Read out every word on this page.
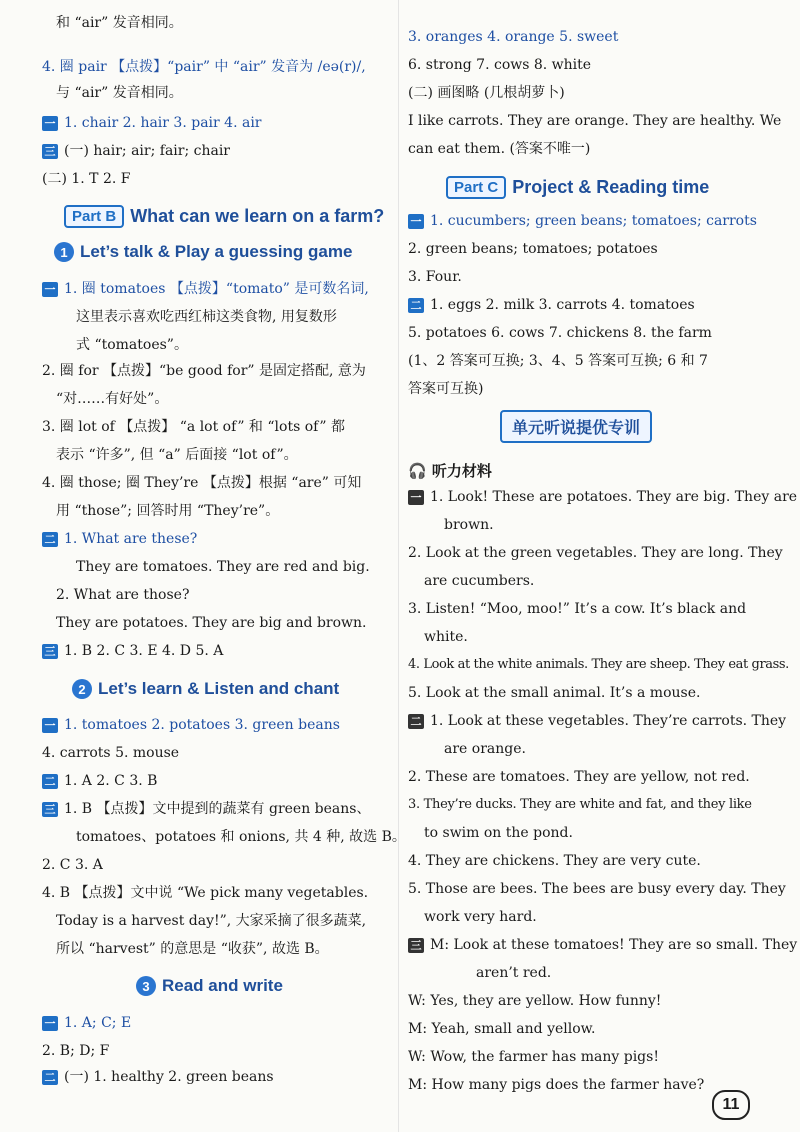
和 “air” 发音相同。
4. 圈 pair 【点拨】“pair” 中 “air” 发音为 /eə(r)/,
与 “air” 发音相同。
一 1. chair 2. hair 3. pair 4. air
三 (一) hair; air; fair; chair
(二) 1. T 2. F
Part B What can we learn on a farm?
1 Let’s talk & Play a guessing game
一 1. 圈 tomatoes 【点拨】“tomato” 是可数名词,
这里表示喜欢吃西红柿这类食物, 用复数形
式 “tomatoes”。
2. 圈 for 【点拨】“be good for” 是固定搭配, 意为
“对……有好处”。
3. 圈 lot of 【点拨】 “a lot of” 和 “lots of” 都
表示 “许多”, 但 “a” 后面接 “lot of”。
4. 圈 those; 圈 They’re 【点拨】根据 “are” 可知
用 “those”; 回答时用 “They’re”。
二 1. What are these?
They are tomatoes. They are red and big.
2. What are those?
They are potatoes. They are big and brown.
三 1. B 2. C 3. E 4. D 5. A
2 Let’s learn & Listen and chant
一 1. tomatoes 2. potatoes 3. green beans
4. carrots 5. mouse
二 1. A 2. C 3. B
三 1. B 【点拨】文中提到的蔬菜有 green beans、
tomatoes、potatoes 和 onions, 共 4 种, 故选 B。
2. C 3. A
4. B 【点拨】文中说 “We pick many vegetables.
Today is a harvest day!”, 大家采摘了很多蔬菜,
所以 “harvest” 的意思是 “收获”, 故选 B。
3 Read and write
一 1. A; C; E
2. B; D; F
二 (一) 1. healthy 2. green beans
3. oranges 4. orange 5. sweet
6. strong 7. cows 8. white
(二) 画图略 (几根胡萝卜)
I like carrots. They are orange. They are healthy. We
can eat them. (答案不唯一)
Part C Project & Reading time
一 1. cucumbers; green beans; tomatoes; carrots
2. green beans; tomatoes; potatoes
3. Four.
二 1. eggs 2. milk 3. carrots 4. tomatoes
5. potatoes 6. cows 7. chickens 8. the farm
(1、2 答案可互换; 3、4、5 答案可互换; 6 和 7
答案可互换)
单元听说提优专训
🎧 听力材料
一 1. Look! These are potatoes. They are big. They are
brown.
2. Look at the green vegetables. They are long. They
are cucumbers.
3. Listen! “Moo, moo!” It’s a cow. It’s black and
white.
4. Look at the white animals. They are sheep. They eat grass.
5. Look at the small animal. It’s a mouse.
二 1. Look at these vegetables. They’re carrots. They
are orange.
2. These are tomatoes. They are yellow, not red.
3. They’re ducks. They are white and fat, and they like
to swim on the pond.
4. They are chickens. They are very cute.
5. Those are bees. The bees are busy every day. They
work very hard.
三 M: Look at these tomatoes! They are so small. They
aren’t red.
W: Yes, they are yellow. How funny!
M: Yeah, small and yellow.
W: Wow, the farmer has many pigs!
M: How many pigs does the farmer have?
11
